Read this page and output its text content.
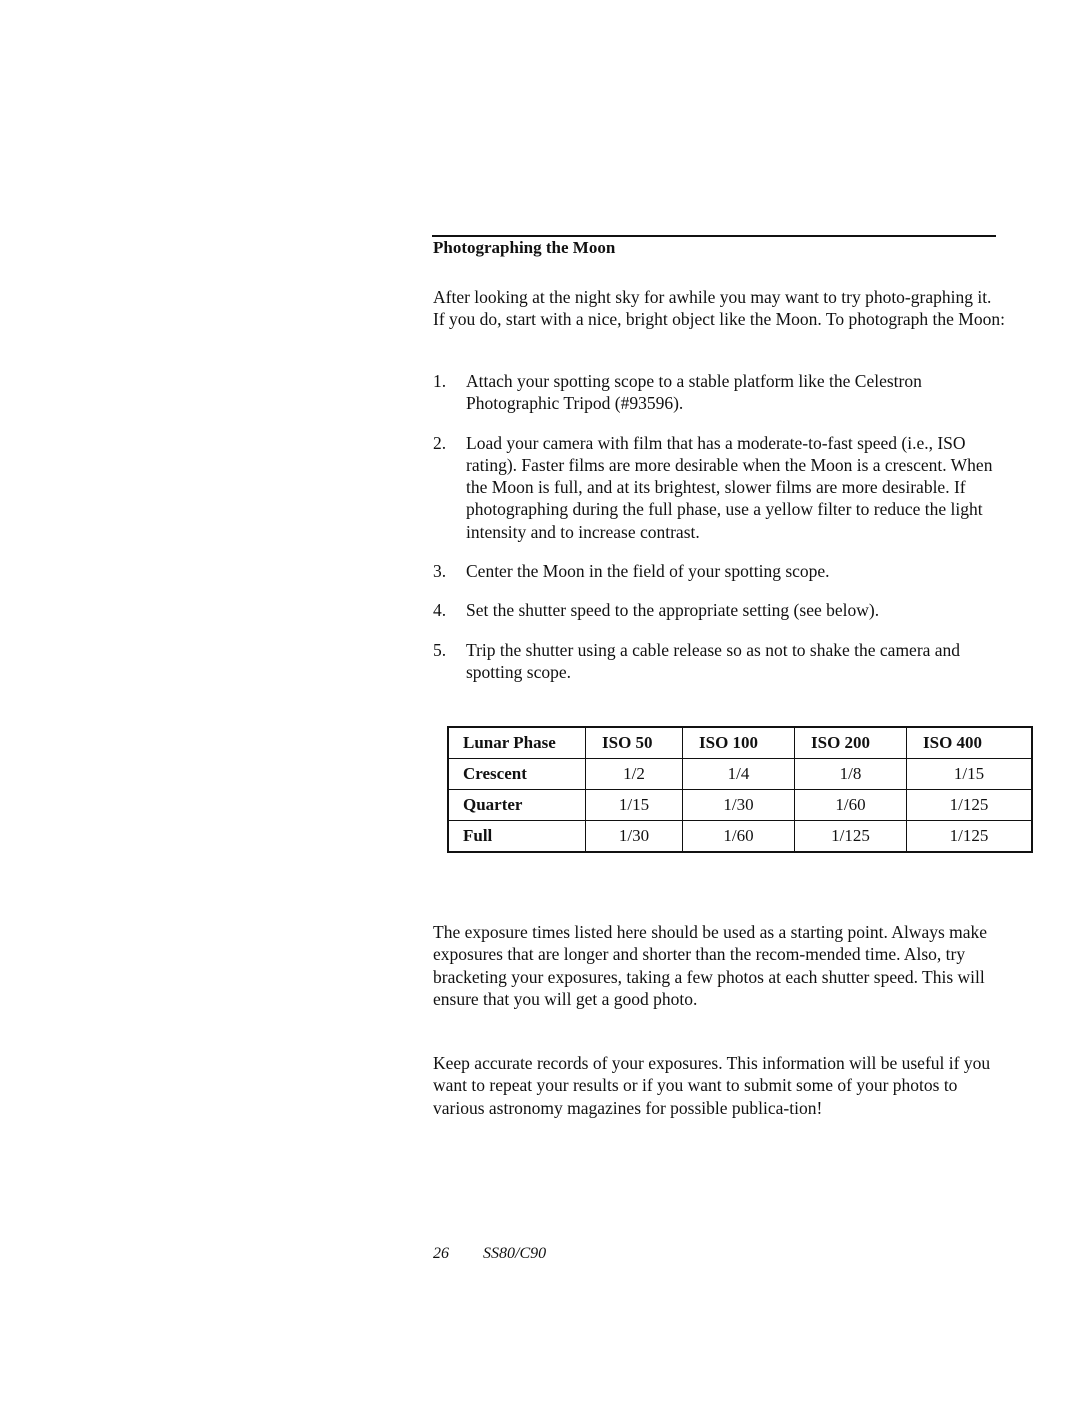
Photographing the Moon

After looking at the night sky for awhile you may want to try photo-graphing it. If you do, start with a nice, bright object like the Moon. To photograph the Moon:

1. Attach your spotting scope to a stable platform like the Celestron Photographic Tripod (#93596).
2. Load your camera with film that has a moderate-to-fast speed (i.e., ISO rating). Faster films are more desirable when the Moon is a crescent. When the Moon is full, and at its brightest, slower films are more desirable. If photographing during the full phase, use a yellow filter to reduce the light intensity and to increase contrast.
3. Center the Moon in the field of your spotting scope.
4. Set the shutter speed to the appropriate setting (see below).
5. Trip the shutter using a cable release so as not to shake the camera and spotting scope.
Lunar Phase	ISO 50	ISO 100	ISO 200	ISO 400
Crescent	1/2	1/4	1/8	1/15
Quarter	1/15	1/30	1/60	1/125
Full	1/30	1/60	1/125	1/125

The exposure times listed here should be used as a starting point. Always make exposures that are longer and shorter than the recom-mended time. Also, try bracketing your exposures, taking a few photos at each shutter speed. This will ensure that you will get a good photo.

Keep accurate records of your exposures. This information will be useful if you want to repeat your results or if you want to submit some of your photos to various astronomy magazines for possible publica-tion!

26 SS80/C90
